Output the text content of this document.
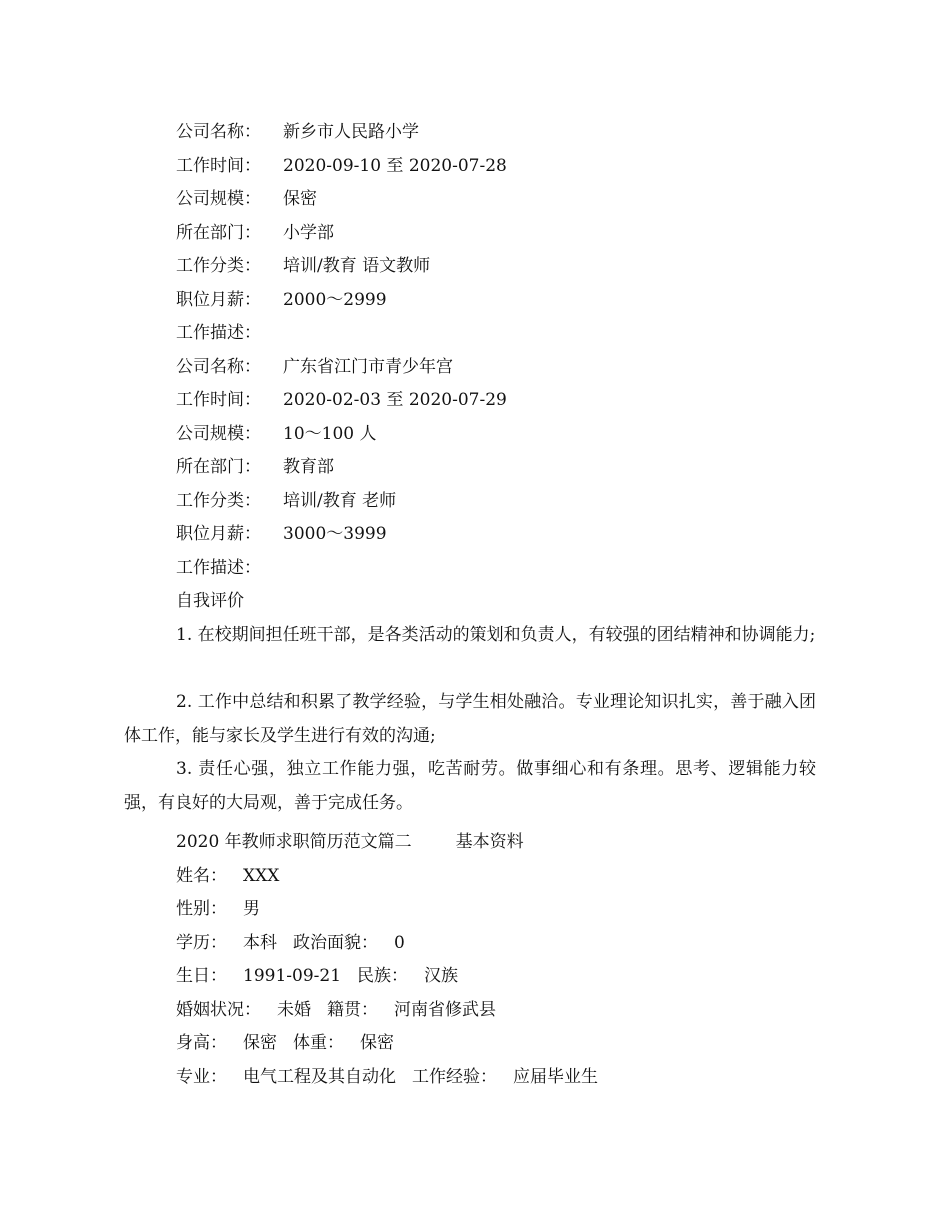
公司名称： 新乡市人民路小学
工作时间： 2020-09-10 至 2020-07-28
公司规模： 保密
所在部门： 小学部
工作分类： 培训/教育 语文教师
职位月薪： 2000～2999
工作描述：
公司名称： 广东省江门市青少年宫
工作时间： 2020-02-03 至 2020-07-29
公司规模： 10～100 人
所在部门： 教育部
工作分类： 培训/教育 老师
职位月薪： 3000～3999
工作描述：
自我评价
1. 在校期间担任班干部，是各类活动的策划和负责人，有较强的团结精神和协调能力;
2. 工作中总结和积累了教学经验，与学生相处融洽。专业理论知识扎实，善于融入团体工作，能与家长及学生进行有效的沟通;
3. 责任心强，独立工作能力强，吃苦耐劳。做事细心和有条理。思考、逻辑能力较强，有良好的大局观，善于完成任务。
2020 年教师求职简历范文篇二	基本资料
姓名： XXX
性别： 男
学历： 本科 政治面貌： 0
生日： 1991-09-21 民族： 汉族
婚姻状况： 未婚 籍贯： 河南省修武县
身高： 保密 体重： 保密
专业： 电气工程及其自动化 工作经验： 应届毕业生
